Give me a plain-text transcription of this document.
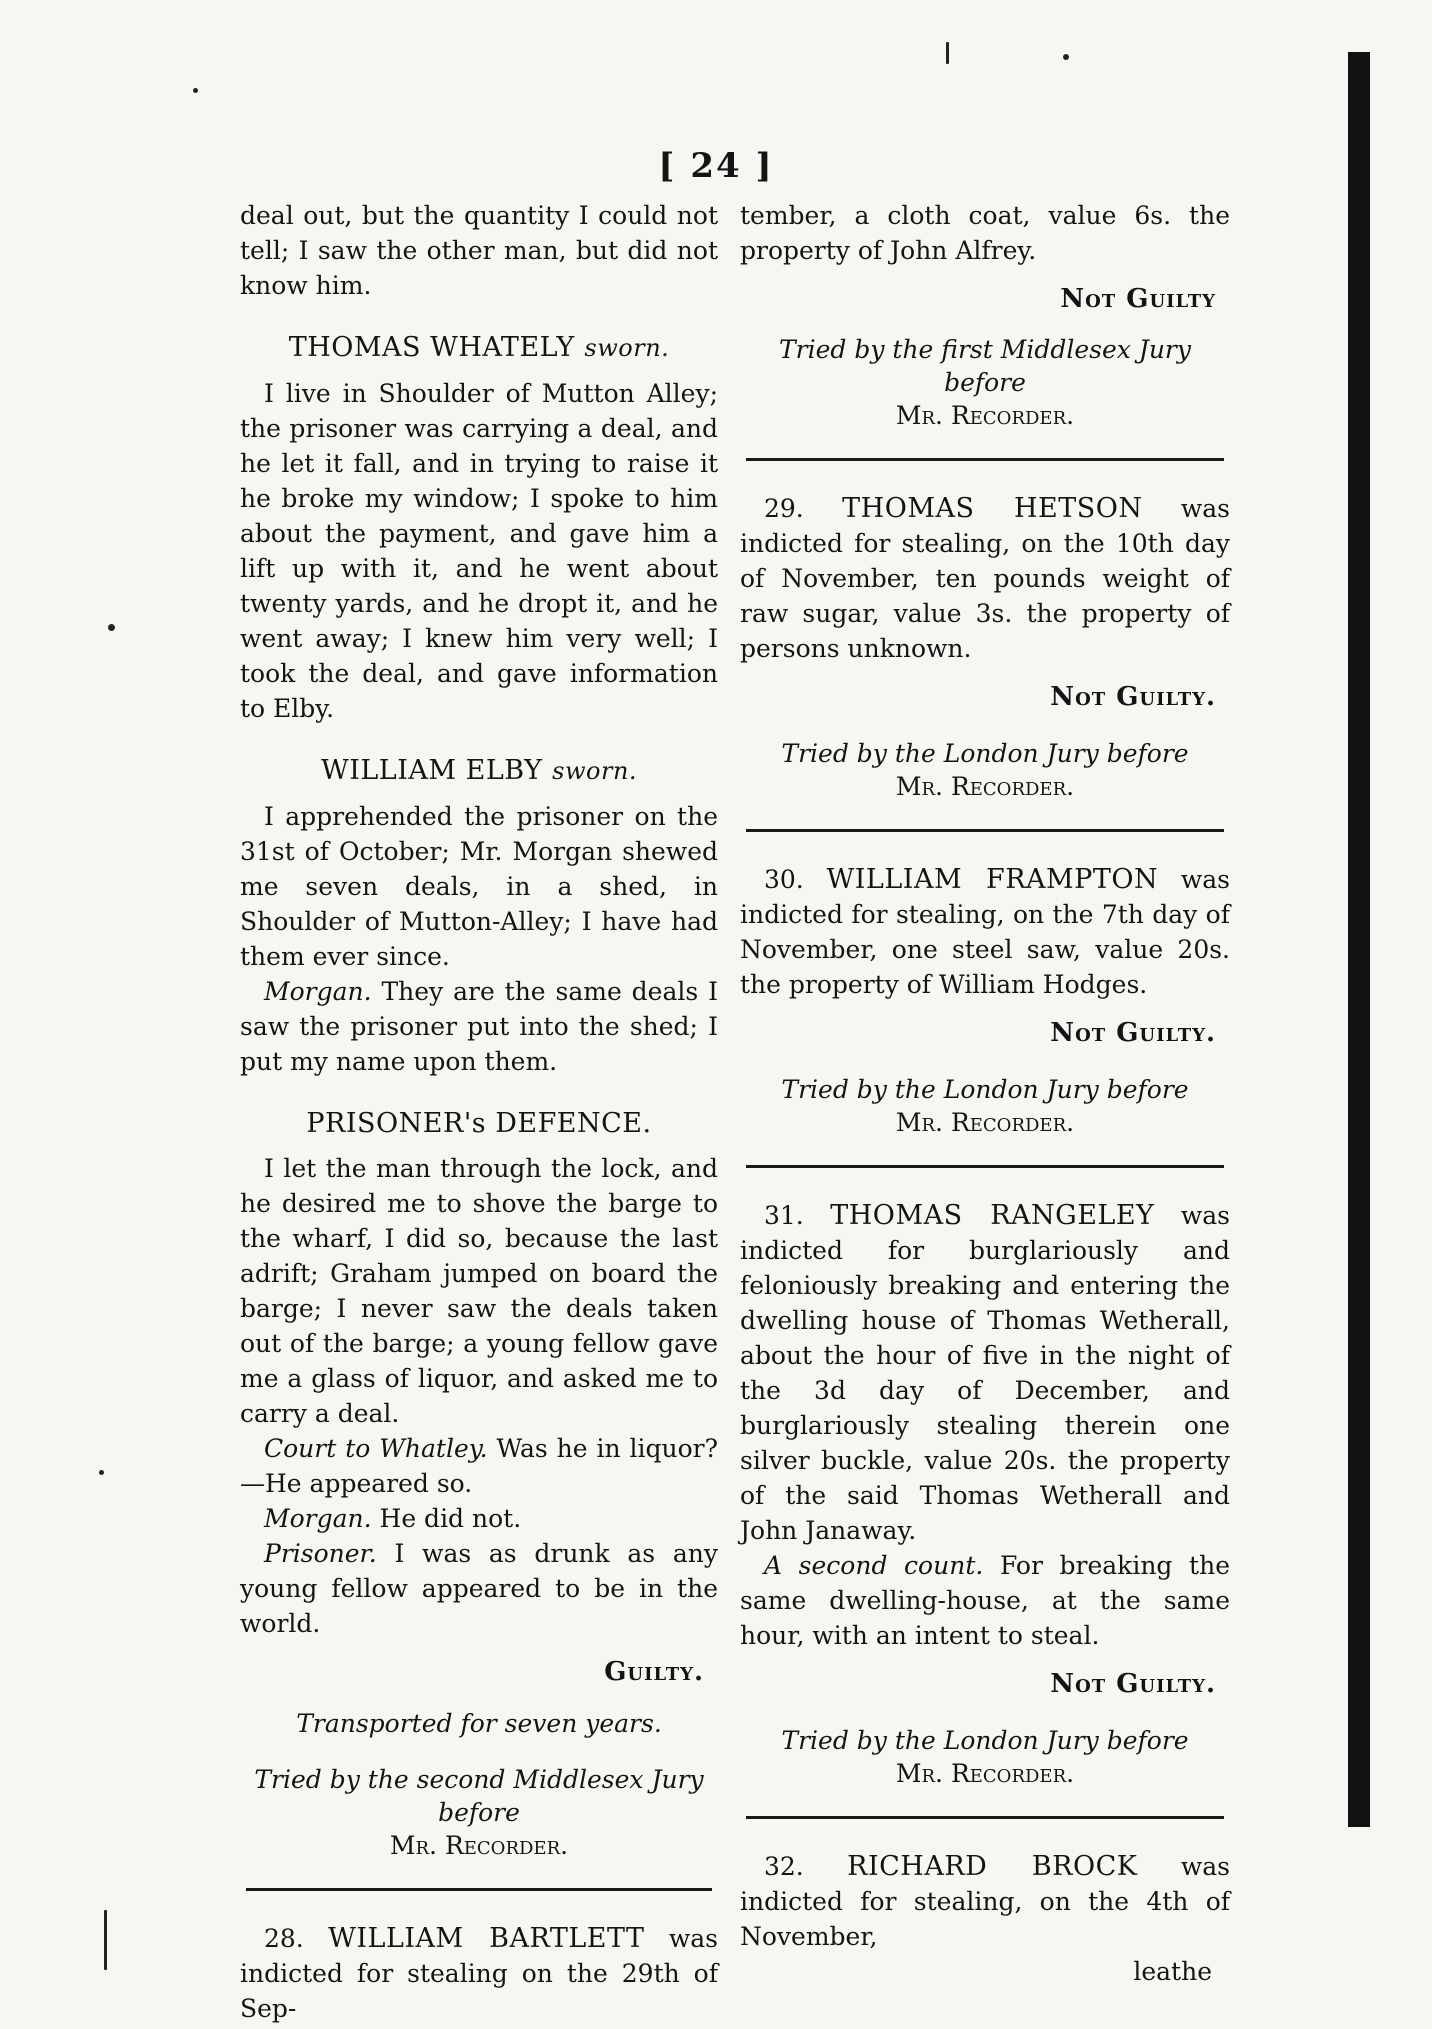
[ 24 ]

deal out, but the quantity I could not tell; I saw the other man, but did not know him.

THOMAS WHATELY sworn.

I live in Shoulder of Mutton Alley; the prisoner was carrying a deal, and he let it fall, and in trying to raise it he broke my window; I spoke to him about the payment, and gave him a lift up with it, and he went about twenty yards, and he dropt it, and he went away; I knew him very well; I took the deal, and gave information to Elby.

WILLIAM ELBY sworn.

I apprehended the prisoner on the 31st of October; Mr. Morgan shewed me seven deals, in a shed, in Shoulder of Mutton-Alley; I have had them ever since.

Morgan. They are the same deals I saw the prisoner put into the shed; I put my name upon them.

PRISONER's DEFENCE.

I let the man through the lock, and he desired me to shove the barge to the wharf, I did so, because the last adrift; Graham jumped on board the barge; I never saw the deals taken out of the barge; a young fellow gave me a glass of liquor, and asked me to carry a deal.

Court to Whatley. Was he in liquor?—He appeared so.

Morgan. He did not.

Prisoner. I was as drunk as any young fellow appeared to be in the world.

Guilty.
Transported for seven years.
Tried by the second Middlesex Jury before
Mr. Recorder.

28. WILLIAM BARTLETT was indicted for stealing on the 29th of Sep-

tember, a cloth coat, value 6s. the property of John Alfrey.

Not Guilty
Tried by the first Middlesex Jury before
Mr. Recorder.

29. THOMAS HETSON was indicted for stealing, on the 10th day of November, ten pounds weight of raw sugar, value 3s. the property of persons unknown.

Not Guilty.
Tried by the London Jury before
Mr. Recorder.

30. WILLIAM FRAMPTON was indicted for stealing, on the 7th day of November, one steel saw, value 20s. the property of William Hodges.

Not Guilty.
Tried by the London Jury before
Mr. Recorder.

31. THOMAS RANGELEY was indicted for burglariously and feloniously breaking and entering the dwelling house of Thomas Wetherall, about the hour of five in the night of the 3d day of December, and burglariously stealing therein one silver buckle, value 20s. the property of the said Thomas Wetherall and John Janaway.

A second count. For breaking the same dwelling-house, at the same hour, with an intent to steal.

Not Guilty.
Tried by the London Jury before
Mr. Recorder.

32. RICHARD BROCK was indicted for stealing, on the 4th of November,

leathe
